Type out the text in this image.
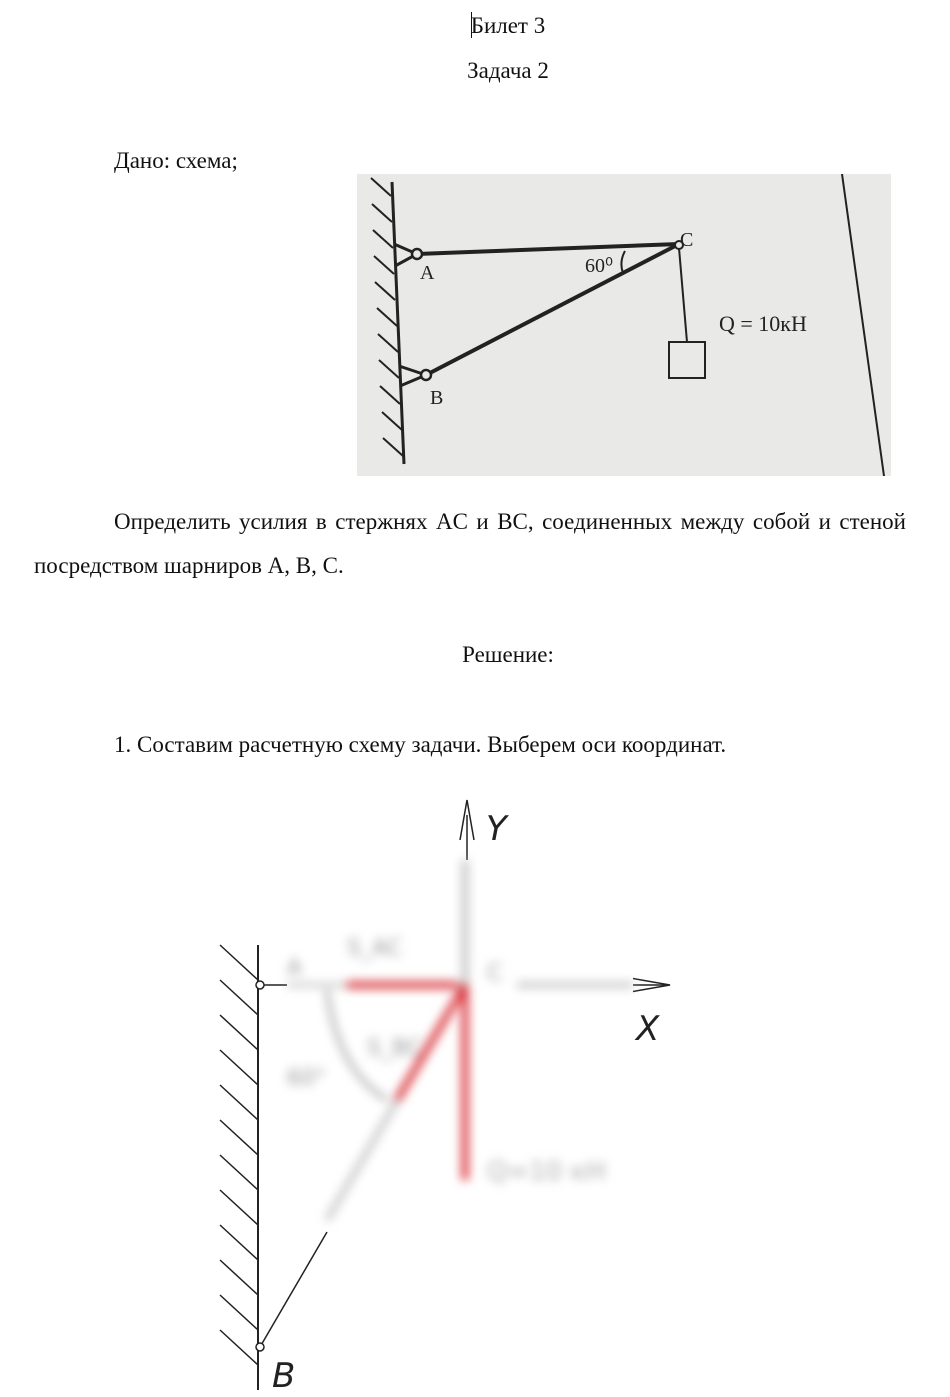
Билет 3
Задача 2
Дано: схема;
A
B
C
60⁰
Q = 10кН
Определить усилия в стержнях AC и BC, соединенных между собой и стеной посредством шарниров A, B, C.
Решение:
1. Составим расчетную схему задачи. Выберем оси координат.
Y
X
B
S_AC
S_BC
60°
C
A
Q=10 кН
